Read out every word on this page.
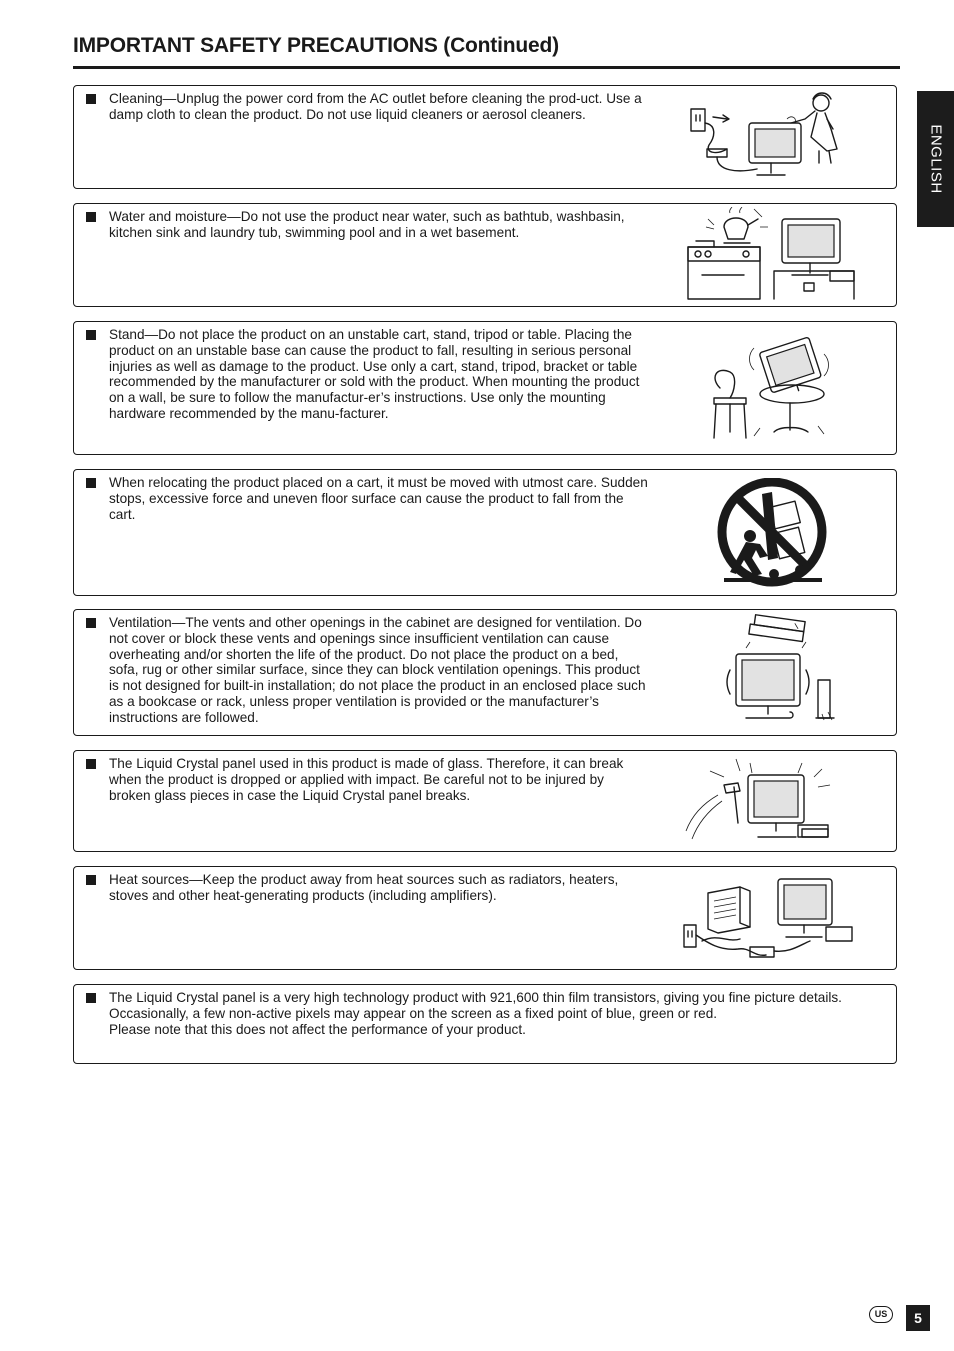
IMPORTANT SAFETY PRECAUTIONS (Continued)
ENGLISH
Cleaning—Unplug the power cord from the AC outlet before cleaning the prod-uct. Use a damp cloth to clean the product. Do not use liquid cleaners or aerosol cleaners.
Water and moisture—Do not use the product near water, such as bathtub, washbasin, kitchen sink and laundry tub, swimming pool and in a wet basement.
Stand—Do not place the product on an unstable cart, stand, tripod or table. Placing the product on an unstable base can cause the product to fall, resulting in serious personal injuries as well as damage to the product. Use only a cart, stand, tripod, bracket or table recommended by the manufacturer or sold with the product. When mounting the product on a wall, be sure to follow the manufactur-er’s instructions. Use only the mounting hardware recommended by the manu-facturer.
When relocating the product placed on a cart, it must be moved with utmost care. Sudden stops, excessive force and uneven floor surface can cause the product to fall from the cart.
Ventilation—The vents and other openings in the cabinet are designed for ventilation. Do not cover or block these vents and openings since insufficient ventilation can cause overheating and/or shorten the life of the product. Do not place the product on a bed, sofa, rug or other similar surface, since they can block ventilation openings. This product is not designed for built-in installation; do not place the product in an enclosed place such as a bookcase or rack, unless proper ventilation is provided or the manufacturer’s instructions are followed.
The Liquid Crystal panel used in this product is made of glass. Therefore, it can break when the product is dropped or applied with impact. Be careful not to be injured by broken glass pieces in case the Liquid Crystal panel breaks.
Heat sources—Keep the product away from heat sources such as radiators, heaters, stoves and other heat-generating products (including amplifiers).

The Liquid Crystal panel is a very high technology product with 921,600 thin film transistors, giving you fine picture details.

Occasionally, a few non-active pixels may appear on the screen as a fixed point of blue, green or red.

Please note that this does not affect the performance of your product.

US	5
